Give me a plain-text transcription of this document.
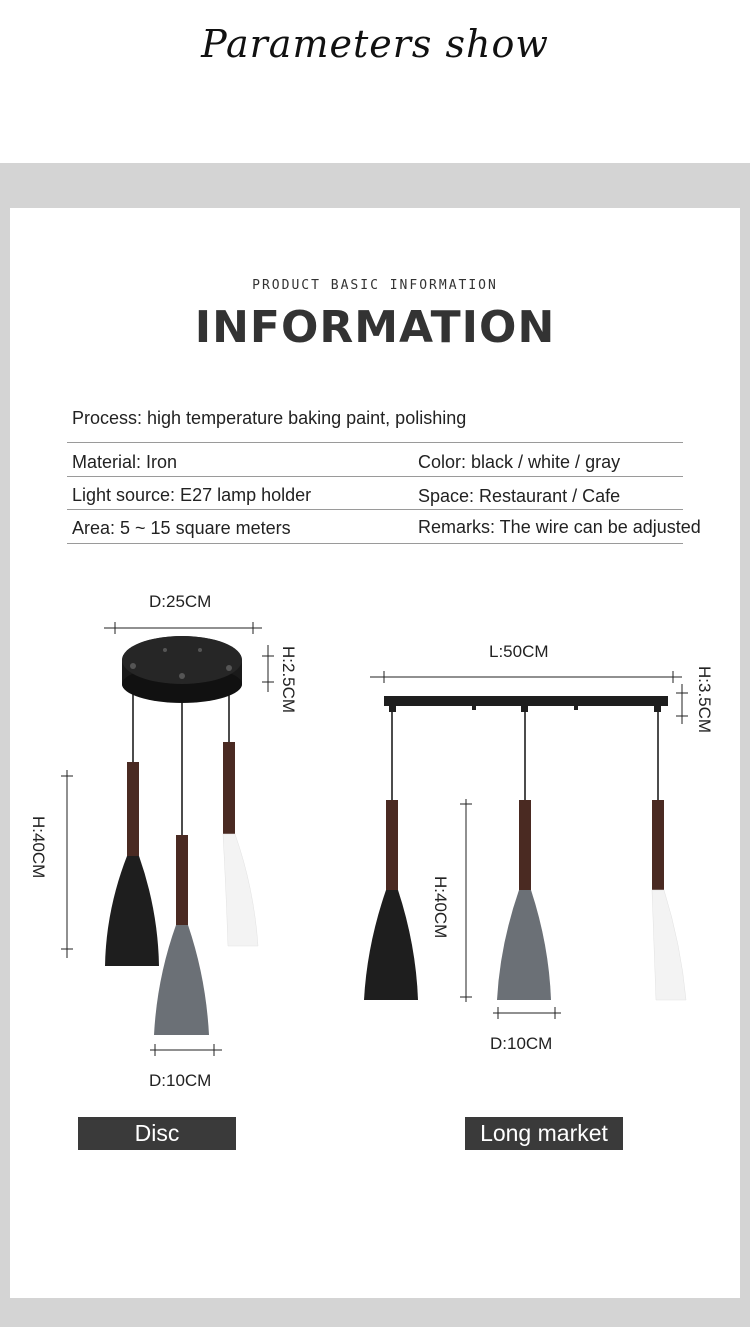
Parameters show
PRODUCT BASIC INFORMATION
INFORMATION
Process: high temperature baking paint, polishing
Material: Iron	Color: black / white / gray
Light source: E27 lamp holder	Space: Restaurant / Cafe
Area: 5 ~ 15 square meters	Remarks: The wire can be adjusted
D:25CM
H:2.5CM
H:40CM
D:10CM
L:50CM
H:3.5CM
H:40CM
D:10CM
Disc	Long market
